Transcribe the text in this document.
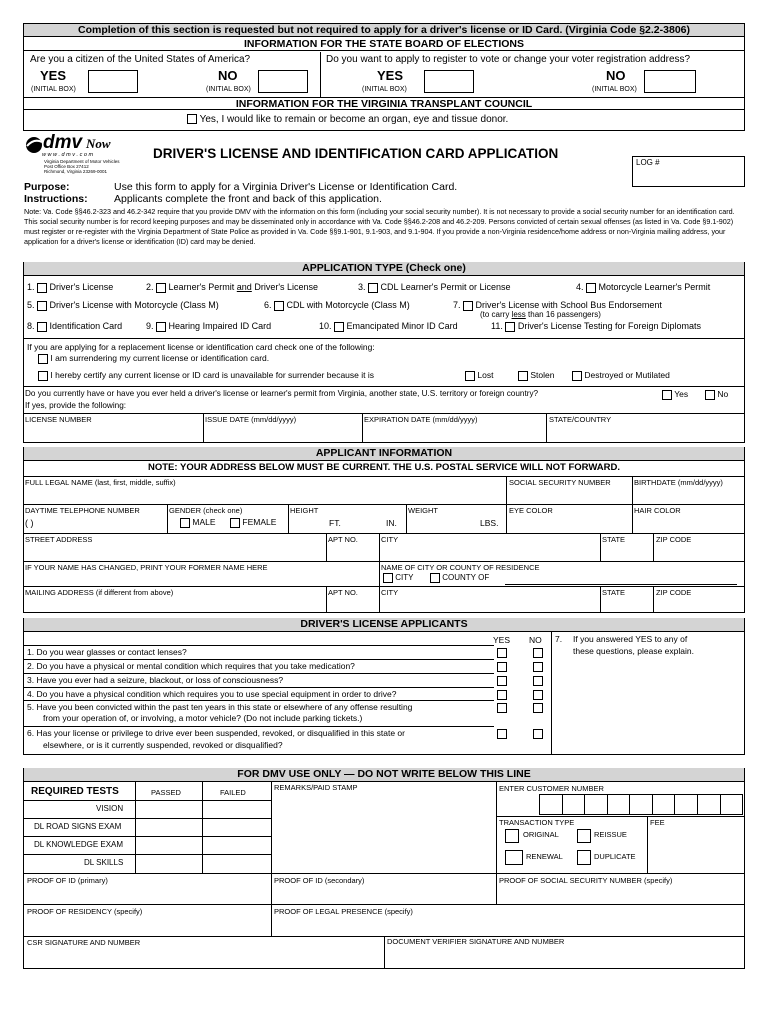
Completion of this section is requested but not required to apply for a driver's license or ID Card. (Virginia Code §2.2-3806)
INFORMATION FOR THE STATE BOARD OF ELECTIONS
Are you a citizen of the United States of America?	Do you want to apply to register to vote or change your voter registration address?
YES
(INITIAL BOX)
NO
(INITIAL BOX)
YES
(INITIAL BOX)
NO
(INITIAL BOX)
INFORMATION FOR THE VIRGINIA TRANSPLANT COUNCIL
Yes, I would like to remain or become an organ, eye and tissue donor.
dmv Now
w w w . d m v . c o m
Virginia Department of Motor Vehicles
Post Office Box 27412
Richmond, Virginia 23269-0001
DRIVER'S LICENSE AND IDENTIFICATION CARD APPLICATION
LOG #
Purpose:	Use this form to apply for a Virginia Driver's License or Identification Card.
Instructions:	Applicants complete the front and back of this application.
Note: Va. Code §§46.2-323 and 46.2-342 require that you provide DMV with the information on this form (including your social security number). It is not necessary to provide a social security number for an identification card. This social security number is for record keeping purposes and may be disseminated only in accordance with Va. Code §§46.2-208 and 46.2-209. Persons convicted of certain sexual offenses (as listed in Va. Code §9.1-902) must register or re-register with the Virginia Department of State Police as provided in Va. Code §§9.1-901, 9.1-903, and 9.1-904. If you provide a non-Virginia residence/home address or non-Virginia mailing address, your application for a driver's license or identification (ID) card may be denied.
APPLICATION TYPE (Check one)
1. Driver's License	2. Learner's Permit and Driver's License	3. CDL Learner's Permit or License	4. Motorcycle Learner's Permit
5. Driver's License with Motorcycle (Class M)	6. CDL with Motorcycle (Class M)	7. Driver's License with School Bus Endorsement
(to carry less than 16 passengers)
8. Identification Card	9. Hearing Impaired ID Card	10. Emancipated Minor ID Card	11. Driver's License Testing for Foreign Diplomats
If you are applying for a replacement license or identification card check one of the following:
I am surrendering my current license or identification card.
I hereby certify any current license or ID card is unavailable for surrender because it is	Lost	Stolen	Destroyed or Mutilated
Do you currently have or have you ever held a driver's license or learner's permit from Virginia, another state, U.S. territory or foreign country?	Yes	No
If yes, provide the following:
LICENSE NUMBER	ISSUE DATE (mm/dd/yyyy)	EXPIRATION DATE (mm/dd/yyyy)	STATE/COUNTRY
APPLICANT INFORMATION
NOTE: YOUR ADDRESS BELOW MUST BE CURRENT. THE U.S. POSTAL SERVICE WILL NOT FORWARD.
FULL LEGAL NAME (last, first, middle, suffix)	SOCIAL SECURITY NUMBER	BIRTHDATE (mm/dd/yyyy)
DAYTIME TELEPHONE NUMBER
( )
GENDER (check one)
MALE	FEMALE
HEIGHT
FT.	IN.
WEIGHT
LBS.
EYE COLOR	HAIR COLOR
STREET ADDRESS	APT NO.	CITY	STATE	ZIP CODE
IF YOUR NAME HAS CHANGED, PRINT YOUR FORMER NAME HERE	NAME OF CITY OR COUNTY OF RESIDENCE
CITY	COUNTY OF
MAILING ADDRESS (if different from above)	APT NO.	CITY	STATE	ZIP CODE
DRIVER'S LICENSE APPLICANTS
YES NO 7. If you answered YES to any of
these questions, please explain.
1. Do you wear glasses or contact lenses?
2. Do you have a physical or mental condition which requires that you take medication?
3. Have you ever had a seizure, blackout, or loss of consciousness?
4. Do you have a physical condition which requires you to use special equipment in order to drive?
5. Have you been convicted within the past ten years in this state or elsewhere of any offense resulting
from your operation of, or involving, a motor vehicle? (Do not include parking tickets.)
6. Has your license or privilege to drive ever been suspended, revoked, or disqualified in this state or
elsewhere, or is it currently suspended, revoked or disqualified?
FOR DMV USE ONLY — DO NOT WRITE BELOW THIS LINE
REQUIRED TESTS	PASSED	FAILED
VISION
DL ROAD SIGNS EXAM
DL KNOWLEDGE EXAM
DL SKILLS
REMARKS/PAID STAMP	ENTER CUSTOMER NUMBER
TRANSACTION TYPE	FEE
ORIGINAL	REISSUE
RENEWAL	DUPLICATE
PROOF OF ID (primary)	PROOF OF ID (secondary)	PROOF OF SOCIAL SECURITY NUMBER (specify)
PROOF OF RESIDENCY (specify)	PROOF OF LEGAL PRESENCE (specify)
CSR SIGNATURE AND NUMBER	DOCUMENT VERIFIER SIGNATURE AND NUMBER
